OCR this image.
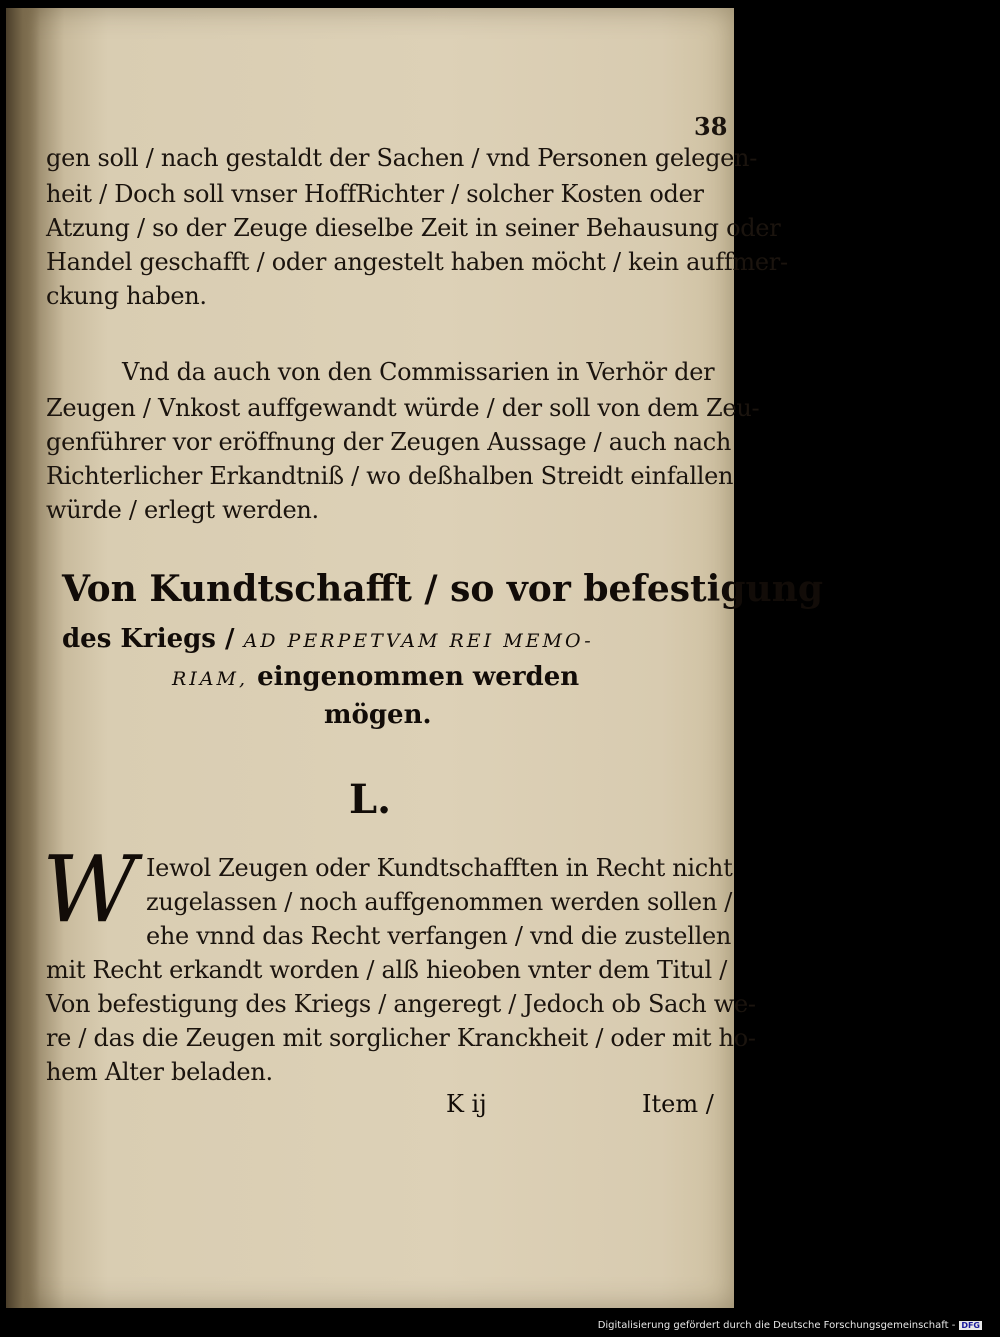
38
gen soll / nach gestaldt der Sachen / vnd Personen gelegen-
heit / Doch soll vnser HoffRichter / solcher Kosten oder
Atzung / so der Zeuge dieselbe Zeit in seiner Behausung oder
Handel geschafft / oder angestelt haben möcht / kein auffmer-
ckung haben.
Vnd da auch von den Commissarien in Verhör der
Zeugen / Vnkost auffgewandt würde / der soll von dem Zeu-
genführer vor eröffnung der Zeugen Aussage / auch nach
Richterlicher Erkandtniß / wo deßhalben Streidt einfallen
würde / erlegt werden.
Von Kundtschafft / so vor befestigung
des Kriegs / AD PERPETVAM REI MEMO-
RIAM, eingenommen werden
mögen.
L.
W Iewol Zeugen oder Kundtschafften in Recht nicht
zugelassen / noch auffgenommen werden sollen /
ehe vnnd das Recht verfangen / vnd die zustellen
mit Recht erkandt worden / alß hieoben vnter dem Titul /
Von befestigung des Kriegs / angeregt / Jedoch ob Sach we-
re / das die Zeugen mit sorglicher Kranckheit / oder mit ho-
hem Alter beladen.
K ij	Item /
Digitalisierung gefördert durch die Deutsche Forschungsgemeinschaft - DFG
